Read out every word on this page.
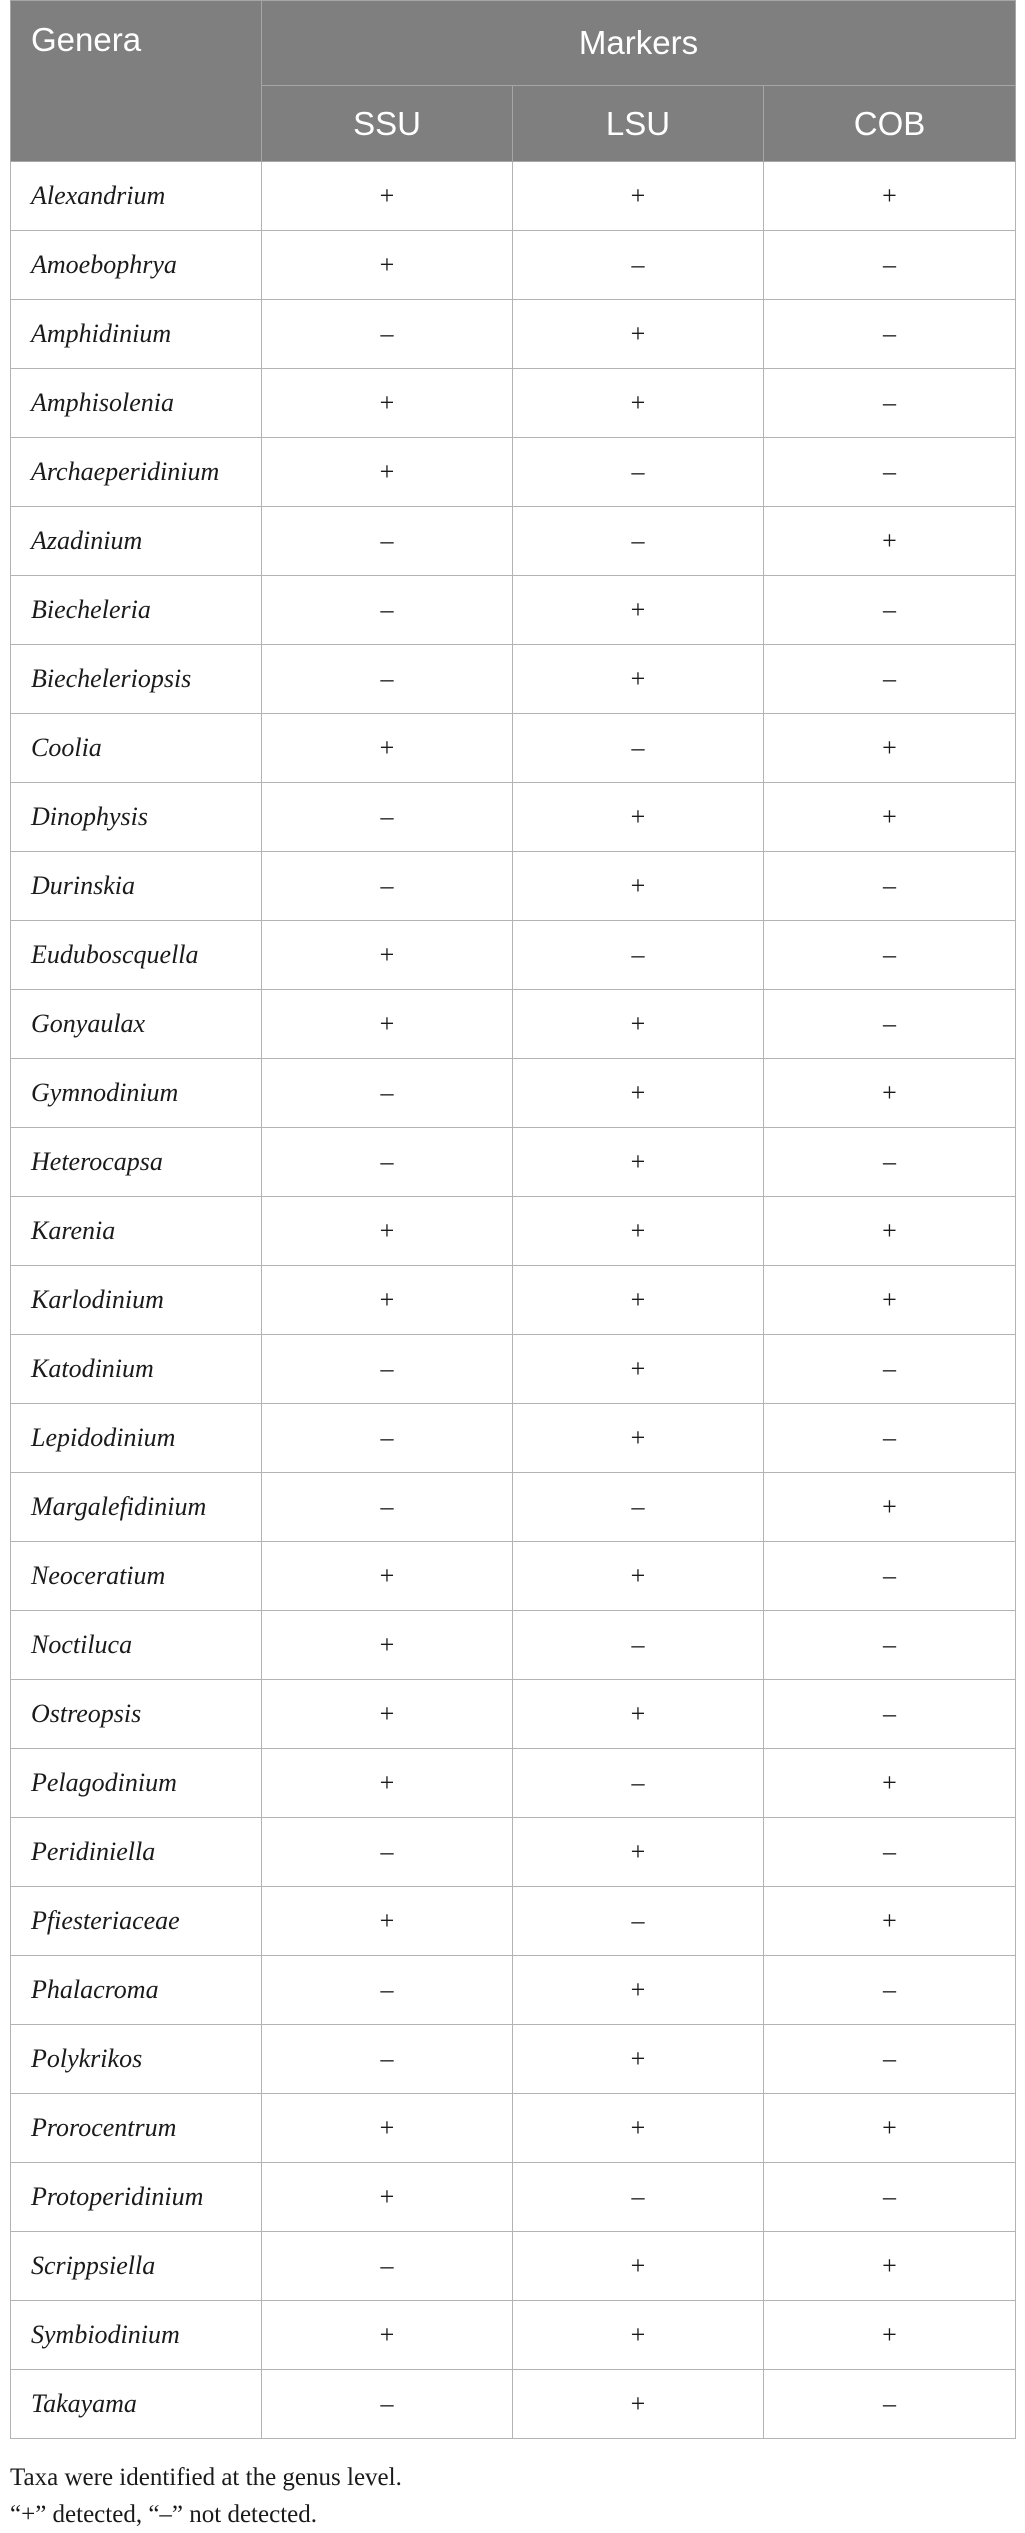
Genera	Markers		
	SSU	LSU	COB
Alexandrium	+	+	+
Amoebophrya	+	–	–
Amphidinium	–	+	–
Amphisolenia	+	+	–
Archaeperidinium	+	–	–
Azadinium	–	–	+
Biecheleria	–	+	–
Biecheleriopsis	–	+	–
Coolia	+	–	+
Dinophysis	–	+	+
Durinskia	–	+	–
Euduboscquella	+	–	–
Gonyaulax	+	+	–
Gymnodinium	–	+	+
Heterocapsa	–	+	–
Karenia	+	+	+
Karlodinium	+	+	+
Katodinium	–	+	–
Lepidodinium	–	+	–
Margalefidinium	–	–	+
Neoceratium	+	+	–
Noctiluca	+	–	–
Ostreopsis	+	+	–
Pelagodinium	+	–	+
Peridiniella	–	+	–
Pfiesteriaceae	+	–	+
Phalacroma	–	+	–
Polykrikos	–	+	–
Prorocentrum	+	+	+
Protoperidinium	+	–	–
Scrippsiella	–	+	+
Symbiodinium	+	+	+
Takayama	–	+	–
Taxa were identified at the genus level.
“+” detected, “–” not detected.
